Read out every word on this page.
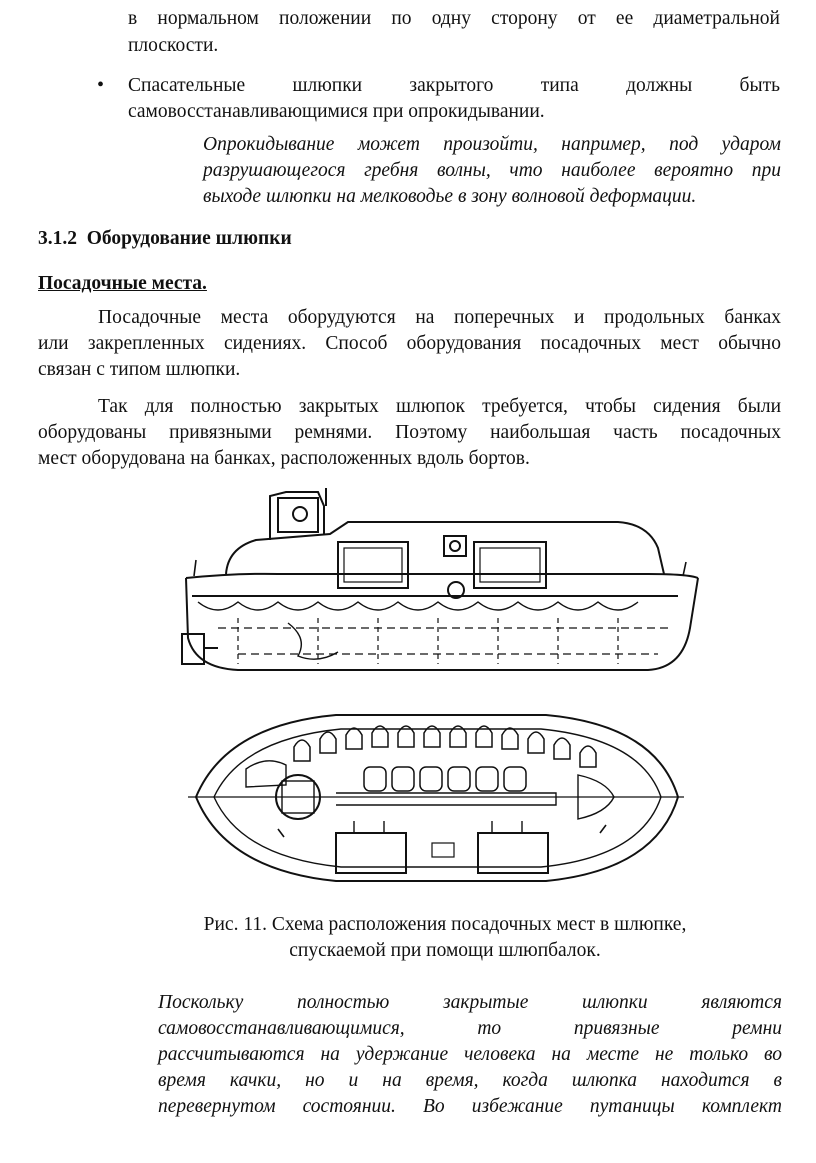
в нормальном положении по одну сторону от ее диаметральной
плоскости.
• Спасательные шлюпки закрытого типа должны быть
самовосстанавливающимися при опрокидывании.
Опрокидывание может произойти, например, под ударом
разрушающегося гребня волны, что наиболее вероятно при
выходе шлюпки на мелководье в зону волновой деформации.
3.1.2 Оборудование шлюпки
Посадочные места.
Посадочные места оборудуются на поперечных и продольных банках
или закрепленных сидениях. Способ оборудования посадочных мест обычно
связан с типом шлюпки.
Так для полностью закрытых шлюпок требуется, чтобы сидения были
оборудованы привязными ремнями. Поэтому наибольшая часть посадочных
мест оборудована на банках, расположенных вдоль бортов.
Рис. 11. Схема расположения посадочных мест в шлюпке,
спускаемой при помощи шлюпбалок.
Поскольку полностью закрытые шлюпки являются
самовосстанавливающимися, то привязные ремни
рассчитываются на удержание человека на месте не только во
время качки, но и на время, когда шлюпка находится в
перевернутом состоянии. Во избежание путаницы комплект
